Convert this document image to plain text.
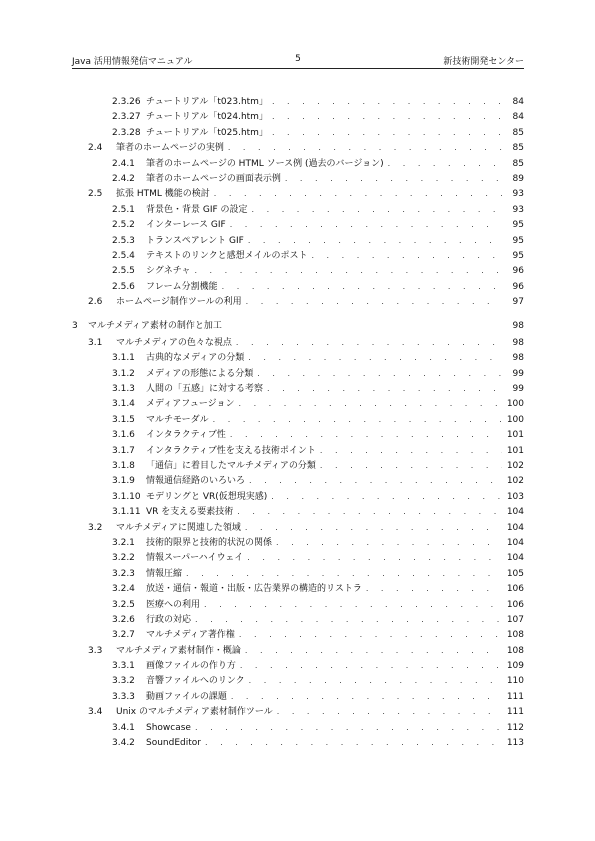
Java 活用情報発信マニュアル	5	新技術開発センター
2.3.26 チュートリアル「t023.htm」 . . .	84
2.3.27 チュートリアル「t024.htm」 . . .	84
2.3.28 チュートリアル「t025.htm」 . . .	85
2.4	筆者のホームページの実例 . . .	85
2.4.1	筆者のホームページの HTML ソース例 (過去のバージョン) . . .	85
2.4.2	筆者のホームページの画面表示例 . . .	89
2.5	拡張 HTML 機能の検討 . . .	93
2.5.1	背景色・背景 GIF の設定 . . .	93
2.5.2	インターレース GIF . . .	95
2.5.3	トランスペアレント GIF . . .	95
2.5.4	テキストのリンクと感想メイルのポスト . . .	95
2.5.5	シグネチャ . . .	96
2.5.6	フレーム分割機能 . . .	96
2.6	ホームページ制作ツールの利用 . . .	97
3	マルチメディア素材の制作と加工	98
3.1	マルチメディアの色々な視点 . . .	98
3.1.1	古典的なメディアの分類 . . .	98
3.1.2	メディアの形態による分類 . . .	99
3.1.3	人間の「五感」に対する考察 . . .	99
3.1.4	メディアフュージョン . . .	100
3.1.5	マルチモーダル . . .	100
3.1.6	インタラクティブ性 . . .	101
3.1.7	インタラクティブ性を支える技術ポイント . . .	101
3.1.8	「通信」に着目したマルチメディアの分類 . . .	102
3.1.9	情報通信経路のいろいろ . . .	102
3.1.10 モデリングと VR(仮想現実感) . . .	103
3.1.11 VR を支える要素技術 . . .	104
3.2	マルチメディアに関連した領域 . . .	104
3.2.1	技術的限界と技術的状況の関係 . . .	104
3.2.2	情報スーパーハイウェイ . . .	104
3.2.3	情報圧縮 . . .	105
3.2.4	放送・通信・報道・出版・広告業界の構造的リストラ . . .	106
3.2.5	医療への利用 . . .	106
3.2.6	行政の対応 . . .	107
3.2.7	マルチメディア著作権 . . .	108
3.3	マルチメディア素材制作・概論 . . .	108
3.3.1	画像ファイルの作り方 . . .	109
3.3.2	音響ファイルへのリンク . . .	110
3.3.3	動画ファイルの課題 . . .	111
3.4	Unix のマルチメディア素材制作ツール . . .	111
3.4.1	Showcase . . .	112
3.4.2	SoundEditor . . .	113
